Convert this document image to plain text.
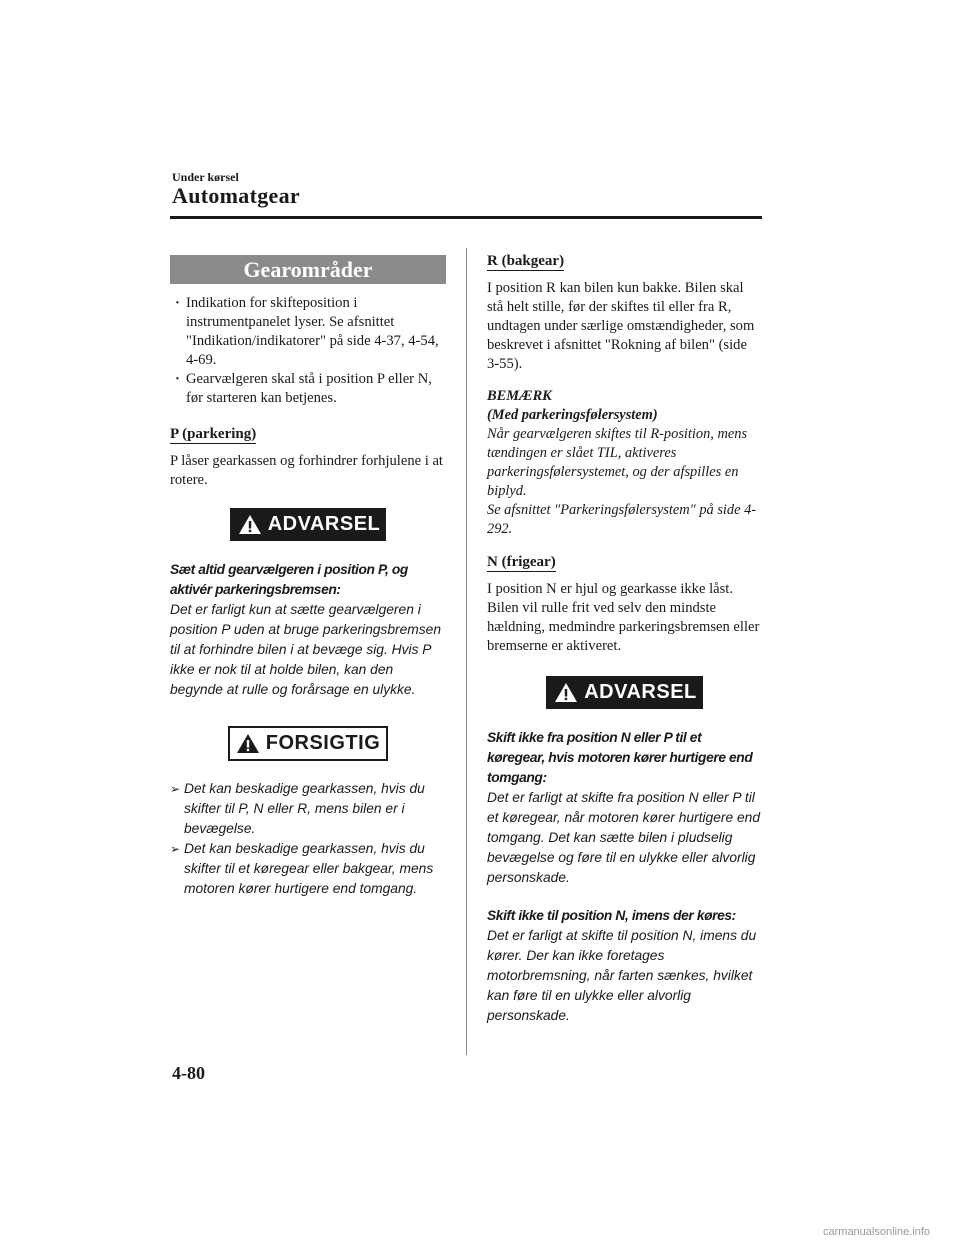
Under kørsel
Automatgear
Gearområder
· Indikation for skifteposition i instrumentpanelet lyser. Se afsnittet "Indikation/indikatorer" på side 4-37, 4-54, 4-69.
· Gearvælgeren skal stå i position P eller N, før starteren kan betjenes.
P (parkering)

P låser gearkassen og forhindrer forhjulene i at rotere.

ADVARSEL

Sæt altid gearvælgeren i position P, og aktivér parkeringsbremsen:

Det er farligt kun at sætte gearvælgeren i position P uden at bruge parkeringsbremsen til at forhindre bilen i at bevæge sig. Hvis P ikke er nok til at holde bilen, kan den begynde at rulle og forårsage en ulykke.

FORSIGTIG
➢ Det kan beskadige gearkassen, hvis du skifter til P, N eller R, mens bilen er i bevægelse.
➢ Det kan beskadige gearkassen, hvis du skifter til et køregear eller bakgear, mens motoren kører hurtigere end tomgang.
R (bakgear)

I position R kan bilen kun bakke. Bilen skal stå helt stille, før der skiftes til eller fra R, undtagen under særlige omstændigheder, som beskrevet i afsnittet "Rokning af bilen" (side 3-55).

BEMÆRK

(Med parkeringsfølersystem)

Når gearvælgeren skiftes til R-position, mens tændingen er slået TIL, aktiveres parkeringsfølersystemet, og der afspilles en biplyd.

Se afsnittet "Parkeringsfølersystem" på side 4-292.

N (frigear)

I position N er hjul og gearkasse ikke låst. Bilen vil rulle frit ved selv den mindste hældning, medmindre parkeringsbremsen eller bremserne er aktiveret.

ADVARSEL

Skift ikke fra position N eller P til et køregear, hvis motoren kører hurtigere end tomgang:

Det er farligt at skifte fra position N eller P til et køregear, når motoren kører hurtigere end tomgang. Det kan sætte bilen i pludselig bevægelse og føre til en ulykke eller alvorlig personskade.

Skift ikke til position N, imens der køres:

Det er farligt at skifte til position N, imens du kører. Der kan ikke foretages motorbremsning, når farten sænkes, hvilket kan føre til en ulykke eller alvorlig personskade.

4-80
carmanualsonline.info
